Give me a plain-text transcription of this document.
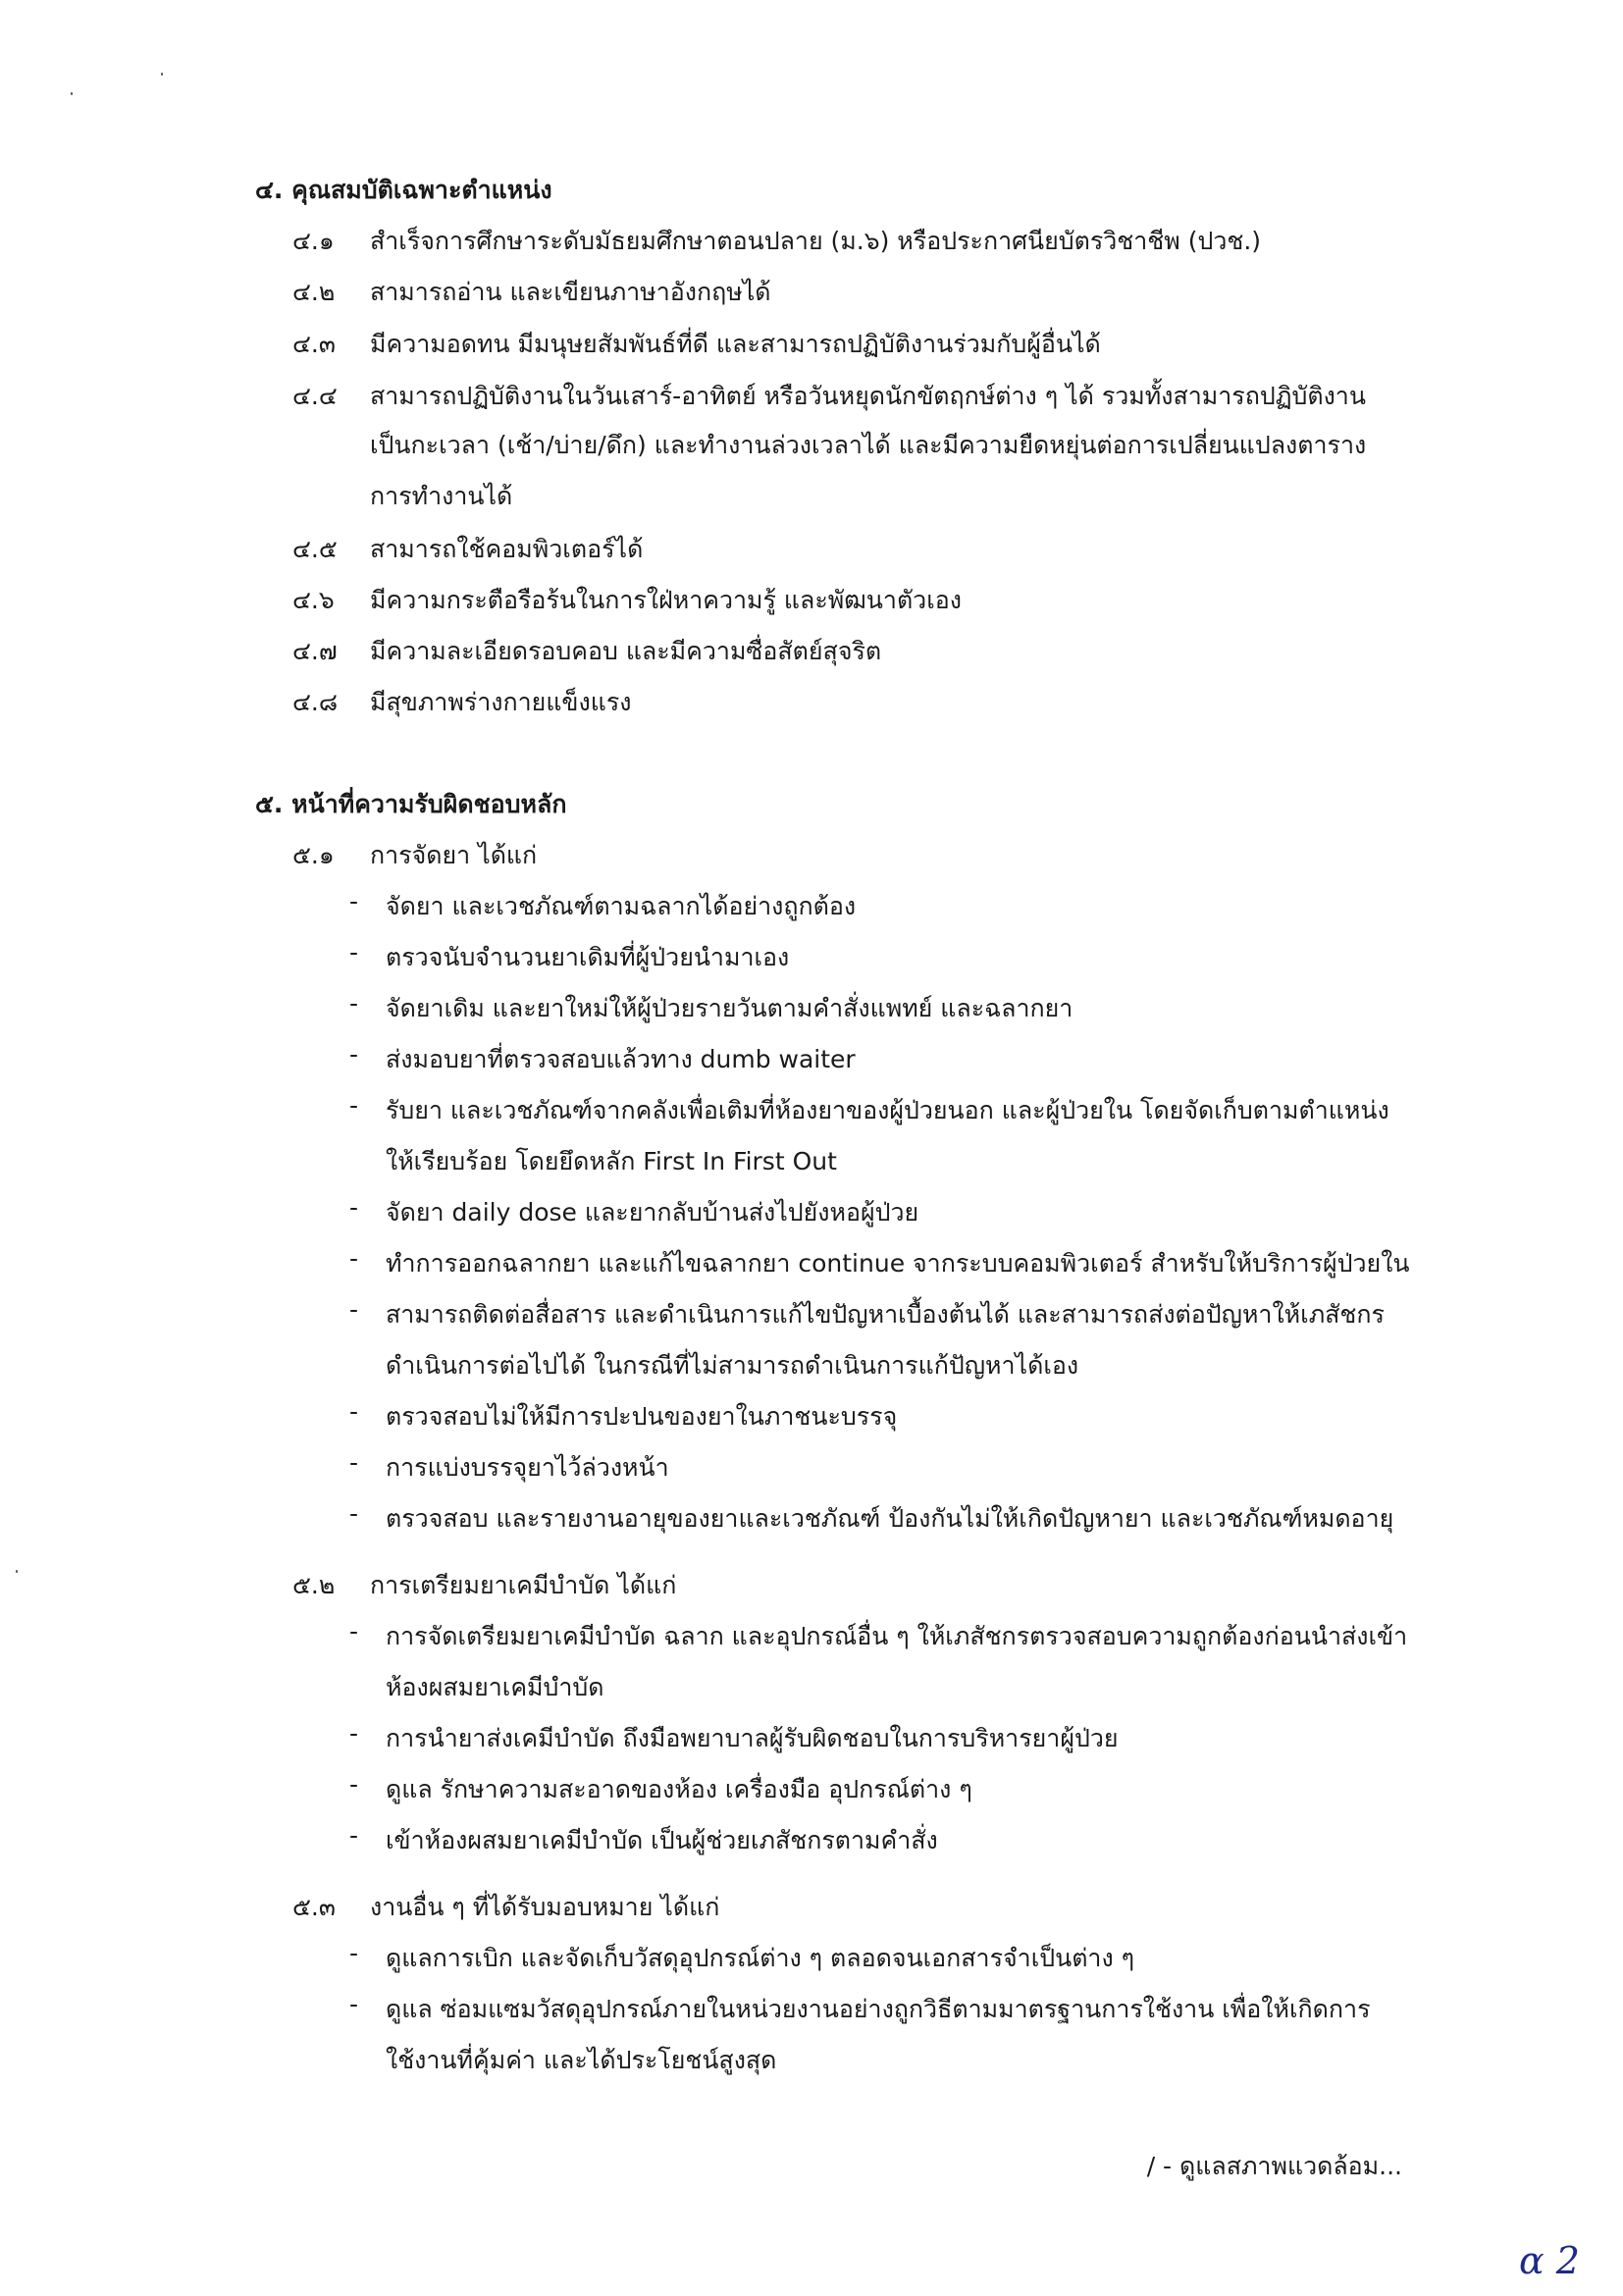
๔. คุณสมบัติเฉพาะตำแหน่ง
๔.๑ สำเร็จการศึกษาระดับมัธยมศึกษาตอนปลาย (ม.๖) หรือประกาศนียบัตรวิชาชีพ (ปวช.)
๔.๒ สามารถอ่าน และเขียนภาษาอังกฤษได้
๔.๓ มีความอดทน มีมนุษยสัมพันธ์ที่ดี และสามารถปฏิบัติงานร่วมกับผู้อื่นได้
๔.๔ สามารถปฏิบัติงานในวันเสาร์-อาทิตย์ หรือวันหยุดนักขัตฤกษ์ต่าง ๆ ได้ รวมทั้งสามารถปฏิบัติงาน
เป็นกะเวลา (เช้า/บ่าย/ดึก) และทำงานล่วงเวลาได้ และมีความยืดหยุ่นต่อการเปลี่ยนแปลงตาราง
การทำงานได้
๔.๕ สามารถใช้คอมพิวเตอร์ได้
๔.๖ มีความกระตือรือร้นในการใฝ่หาความรู้ และพัฒนาตัวเอง
๔.๗ มีความละเอียดรอบคอบ และมีความซื่อสัตย์สุจริต
๔.๘ มีสุขภาพร่างกายแข็งแรง
๕. หน้าที่ความรับผิดชอบหลัก
๕.๑ การจัดยา ได้แก่
- จัดยา และเวชภัณฑ์ตามฉลากได้อย่างถูกต้อง
- ตรวจนับจำนวนยาเดิมที่ผู้ป่วยนำมาเอง
- จัดยาเดิม และยาใหม่ให้ผู้ป่วยรายวันตามคำสั่งแพทย์ และฉลากยา
- ส่งมอบยาที่ตรวจสอบแล้วทาง dumb waiter
- รับยา และเวชภัณฑ์จากคลังเพื่อเติมที่ห้องยาของผู้ป่วยนอก และผู้ป่วยใน โดยจัดเก็บตามตำแหน่ง
ให้เรียบร้อย โดยยึดหลัก First In First Out
- จัดยา daily dose และยากลับบ้านส่งไปยังหอผู้ป่วย
- ทำการออกฉลากยา และแก้ไขฉลากยา continue จากระบบคอมพิวเตอร์ สำหรับให้บริการผู้ป่วยใน
- สามารถติดต่อสื่อสาร และดำเนินการแก้ไขปัญหาเบื้องต้นได้ และสามารถส่งต่อปัญหาให้เภสัชกร
ดำเนินการต่อไปได้ ในกรณีที่ไม่สามารถดำเนินการแก้ปัญหาได้เอง
- ตรวจสอบไม่ให้มีการปะปนของยาในภาชนะบรรจุ
- การแบ่งบรรจุยาไว้ล่วงหน้า
- ตรวจสอบ และรายงานอายุของยาและเวชภัณฑ์ ป้องกันไม่ให้เกิดปัญหายา และเวชภัณฑ์หมดอายุ
๕.๒ การเตรียมยาเคมีบำบัด ได้แก่
- การจัดเตรียมยาเคมีบำบัด ฉลาก และอุปกรณ์อื่น ๆ ให้เภสัชกรตรวจสอบความถูกต้องก่อนนำส่งเข้า
ห้องผสมยาเคมีบำบัด
- การนำยาส่งเคมีบำบัด ถึงมือพยาบาลผู้รับผิดชอบในการบริหารยาผู้ป่วย
- ดูแล รักษาความสะอาดของห้อง เครื่องมือ อุปกรณ์ต่าง ๆ
- เข้าห้องผสมยาเคมีบำบัด เป็นผู้ช่วยเภสัชกรตามคำสั่ง
๕.๓ งานอื่น ๆ ที่ได้รับมอบหมาย ได้แก่
- ดูแลการเบิก และจัดเก็บวัสดุอุปกรณ์ต่าง ๆ ตลอดจนเอกสารจำเป็นต่าง ๆ
- ดูแล ซ่อมแซมวัสดุอุปกรณ์ภายในหน่วยงานอย่างถูกวิธีตามมาตรฐานการใช้งาน เพื่อให้เกิดการ
ใช้งานที่คุ้มค่า และได้ประโยชน์สูงสุด
/ - ดูแลสภาพแวดล้อม...
ɑ 2
